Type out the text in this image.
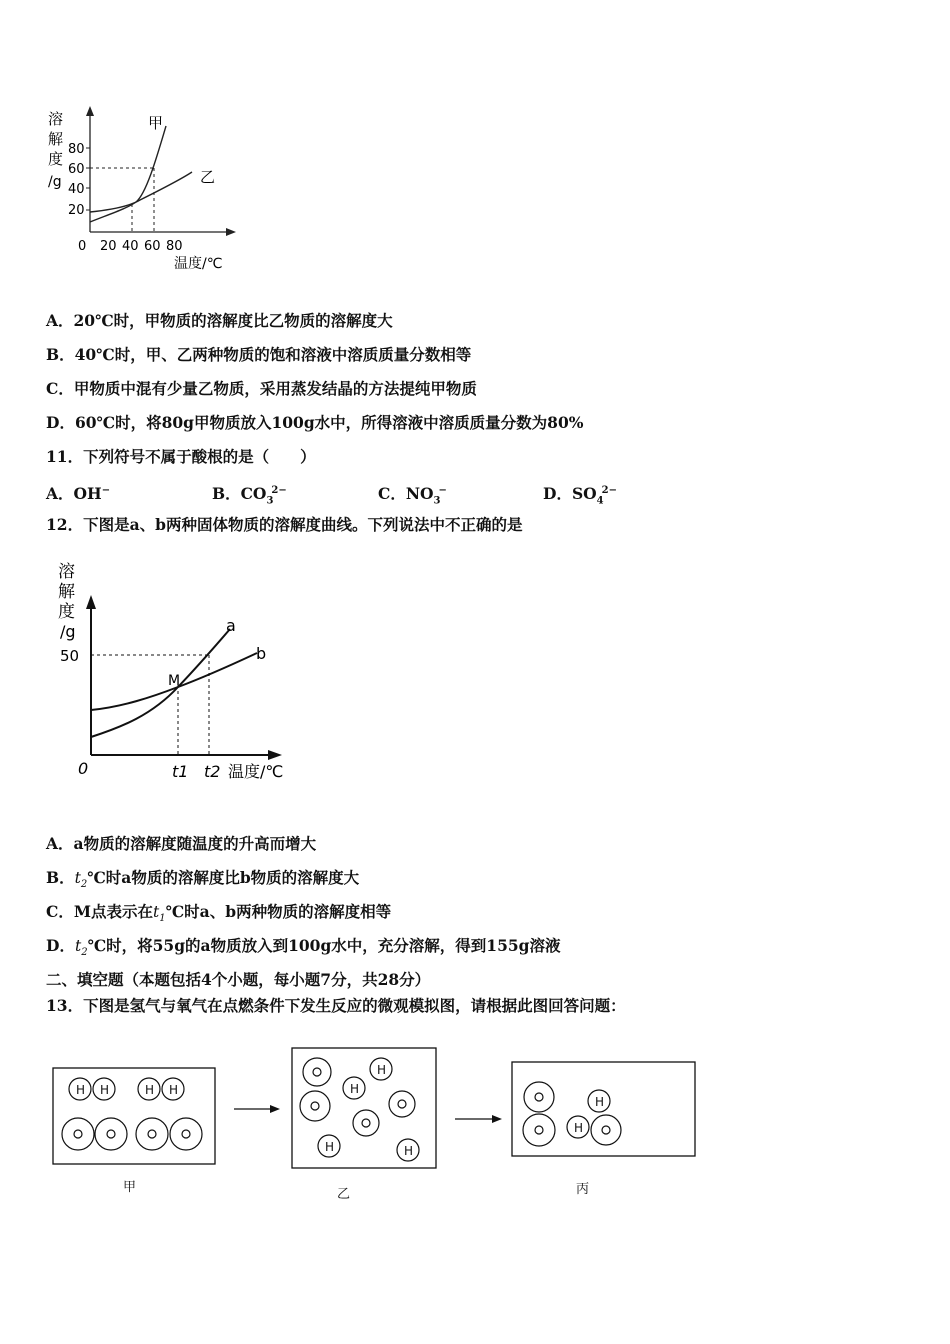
溶
解
度
/g
80
60
40
20
0 20 40 60 80
温度/℃
甲
乙
A．20℃时，甲物质的溶解度比乙物质的溶解度大
B．40℃时，甲、乙两种物质的饱和溶液中溶质质量分数相等
C．甲物质中混有少量乙物质，采用蒸发结晶的方法提纯甲物质
D．60℃时，将80g甲物质放入100g水中，所得溶液中溶质质量分数为80%
11．下列符号不属于酸根的是（　　）
A．OH−	B．$CO_3^{2-}$	C．$NO_3^-$	D．$SO_4^{2-}$
12．下图是a、b两种固体物质的溶解度曲线。下列说法中不正确的是
溶
解
度
/g
50
a
b
M
0	t1 t2 温度/℃
A．a物质的溶解度随温度的升高而增大
B．$t_2℃$时a物质的溶解度比b物质的溶解度大
C．M点表示在$t_1℃$时a、b两种物质的溶解度相等
D．$t_2℃$时，将55g的a物质放入到100g水中，充分溶解，得到155g溶液
二、填空题（本题包括4个小题，每小题7分，共28分）
13．下图是氢气与氧气在点燃条件下发生反应的微观模拟图，请根据此图回答问题：
H H	H H
H
H
H	H
H
H
甲	乙	丙
